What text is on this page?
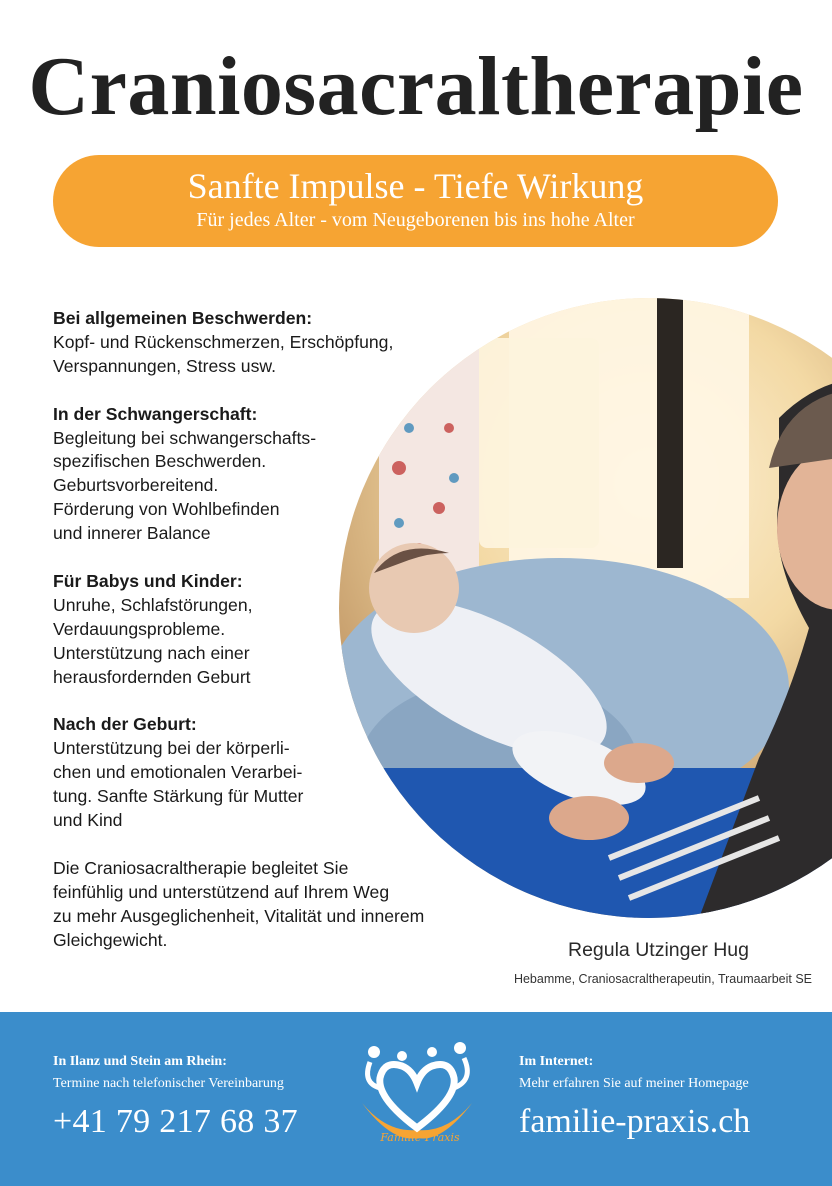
Craniosacraltherapie
Sanfte Impulse - Tiefe Wirkung
Für jedes Alter - vom Neugeborenen bis ins hohe Alter

Bei allgemeinen Beschwerden:

Kopf- und Rückenschmerzen, Erschöpfung,

Verspannungen, Stress usw.

In der Schwangerschaft:

Begleitung bei schwangerschafts-

spezifischen Beschwerden.

Geburtsvorbereitend.

Förderung von Wohlbefinden

und innerer Balance

Für Babys und Kinder:

Unruhe, Schlafstörungen,

Verdauungsprobleme.

Unterstützung nach einer

herausfordernden Geburt

Nach der Geburt:

Unterstützung bei der körperli-

chen und emotionalen Verarbei-

tung. Sanfte Stärkung für Mutter

und Kind

Die Craniosacraltherapie begleitet Sie

feinfühlig und unterstützend auf Ihrem Weg

zu mehr Ausgeglichenheit, Vitalität und innerem

Gleichgewicht.	Regula Utzinger Hug
Hebamme, Craniosacraltherapeutin, Traumaarbeit SE
In Ilanz und Stein am Rhein:
Termine nach telefonischer Vereinbarung
+41 79 217 68 37	Familie-Praxis
Im Internet:
Mehr erfahren Sie auf meiner Homepage
familie-praxis.ch
